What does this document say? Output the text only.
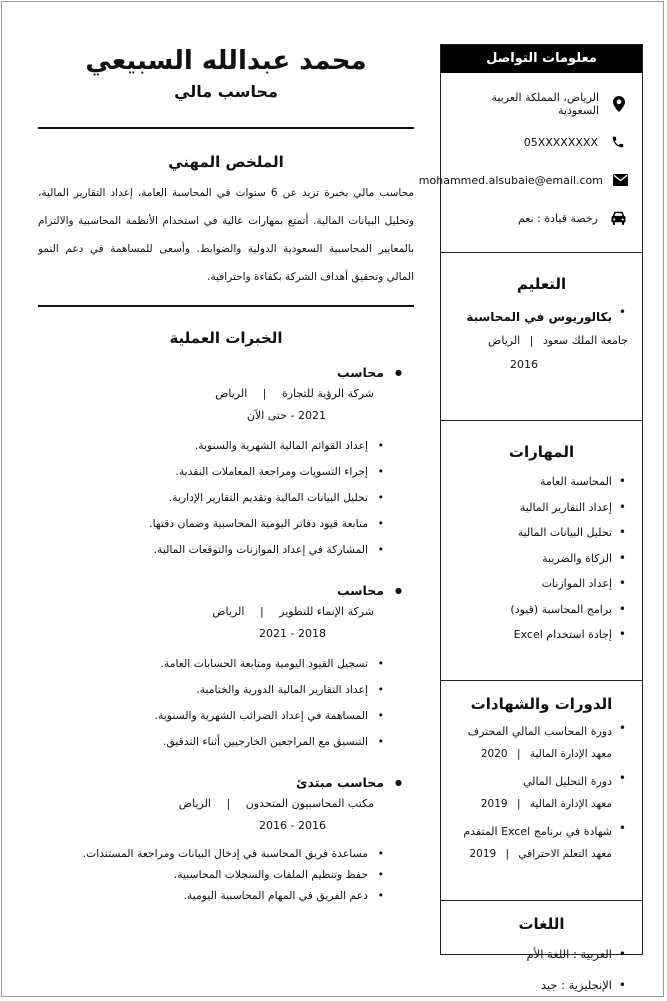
معلومات التواصل
الرياض، المملكة العربية السعودية
05XXXXXXXX
mohammed.alsubaie@email.com
رخصة قيادة : نعم
التعليم
• بكالوريوس في المحاسبة
جامعة الملك سعود | الرياض
2016
المهارات
• المحاسبة العامة
• إعداد التقارير المالية
• تحليل البيانات المالية
• الزكاة والضريبة
• إعداد الموازنات
• برامج المحاسبة (قيود)
• إجادة استخدام Excel
الدورات والشهادات
• دورة المحاسب المالي المحترف
معهد الإدارة المالية | 2020
• دورة التحليل المالي
معهد الإدارة المالية | 2019
• شهادة في برنامج Excel المتقدم
معهد التعلم الاحترافي | 2019
اللغات
• العربية : اللغة الأم
• الإنجليزية : جيد
محمد عبدالله السبيعي
محاسب مالي
الملخص المهني

محاسب مالي بخبرة تزيد عن 6 سنوات في المحاسبة العامة، إعداد التقارير المالية، وتحليل البيانات المالية. أتمتع بمهارات عالية في استخدام الأنظمة المحاسبية والالتزام بالمعايير المحاسبية السعودية الدولية والضوابط. وأسعى للمساهمة في دعم النمو المالي وتحقيق أهداف الشركة بكفاءة واحترافية.

الخبرات العملية
● محاسب
شركة الرؤية للتجارة | الرياض
2021 - حتى الآن
• إعداد القوائم المالية الشهرية والسنوية.
• إجراء التسويات ومراجعة المعاملات النقدية.
• تحليل البيانات المالية وتقديم التقارير الإدارية.
• متابعة قيود دفاتر اليومية المحاسبية وضمان دقتها.
• المشاركة في إعداد الموازنات والتوقعات المالية.
● محاسب
شركة الإنماء للتطوير | الرياض
2018 - 2021
• تسجيل القيود اليومية ومتابعة الحسابات العامة.
• إعداد التقارير المالية الدورية والختامية.
• المساهمة في إعداد الضرائب الشهرية والسنوية.
• التنسيق مع المراجعين الخارجيين أثناء التدقيق.
● محاسب مبتدئ
مكتب المحاسبيون المتحدون | الرياض
2016 - 2016
• مساعدة فريق المحاسبة في إدخال البيانات ومراجعة المستندات.
• حفظ وتنظيم الملفات والسجلات المحاسبية.
• دعم الفريق في المهام المحاسبية اليومية.
